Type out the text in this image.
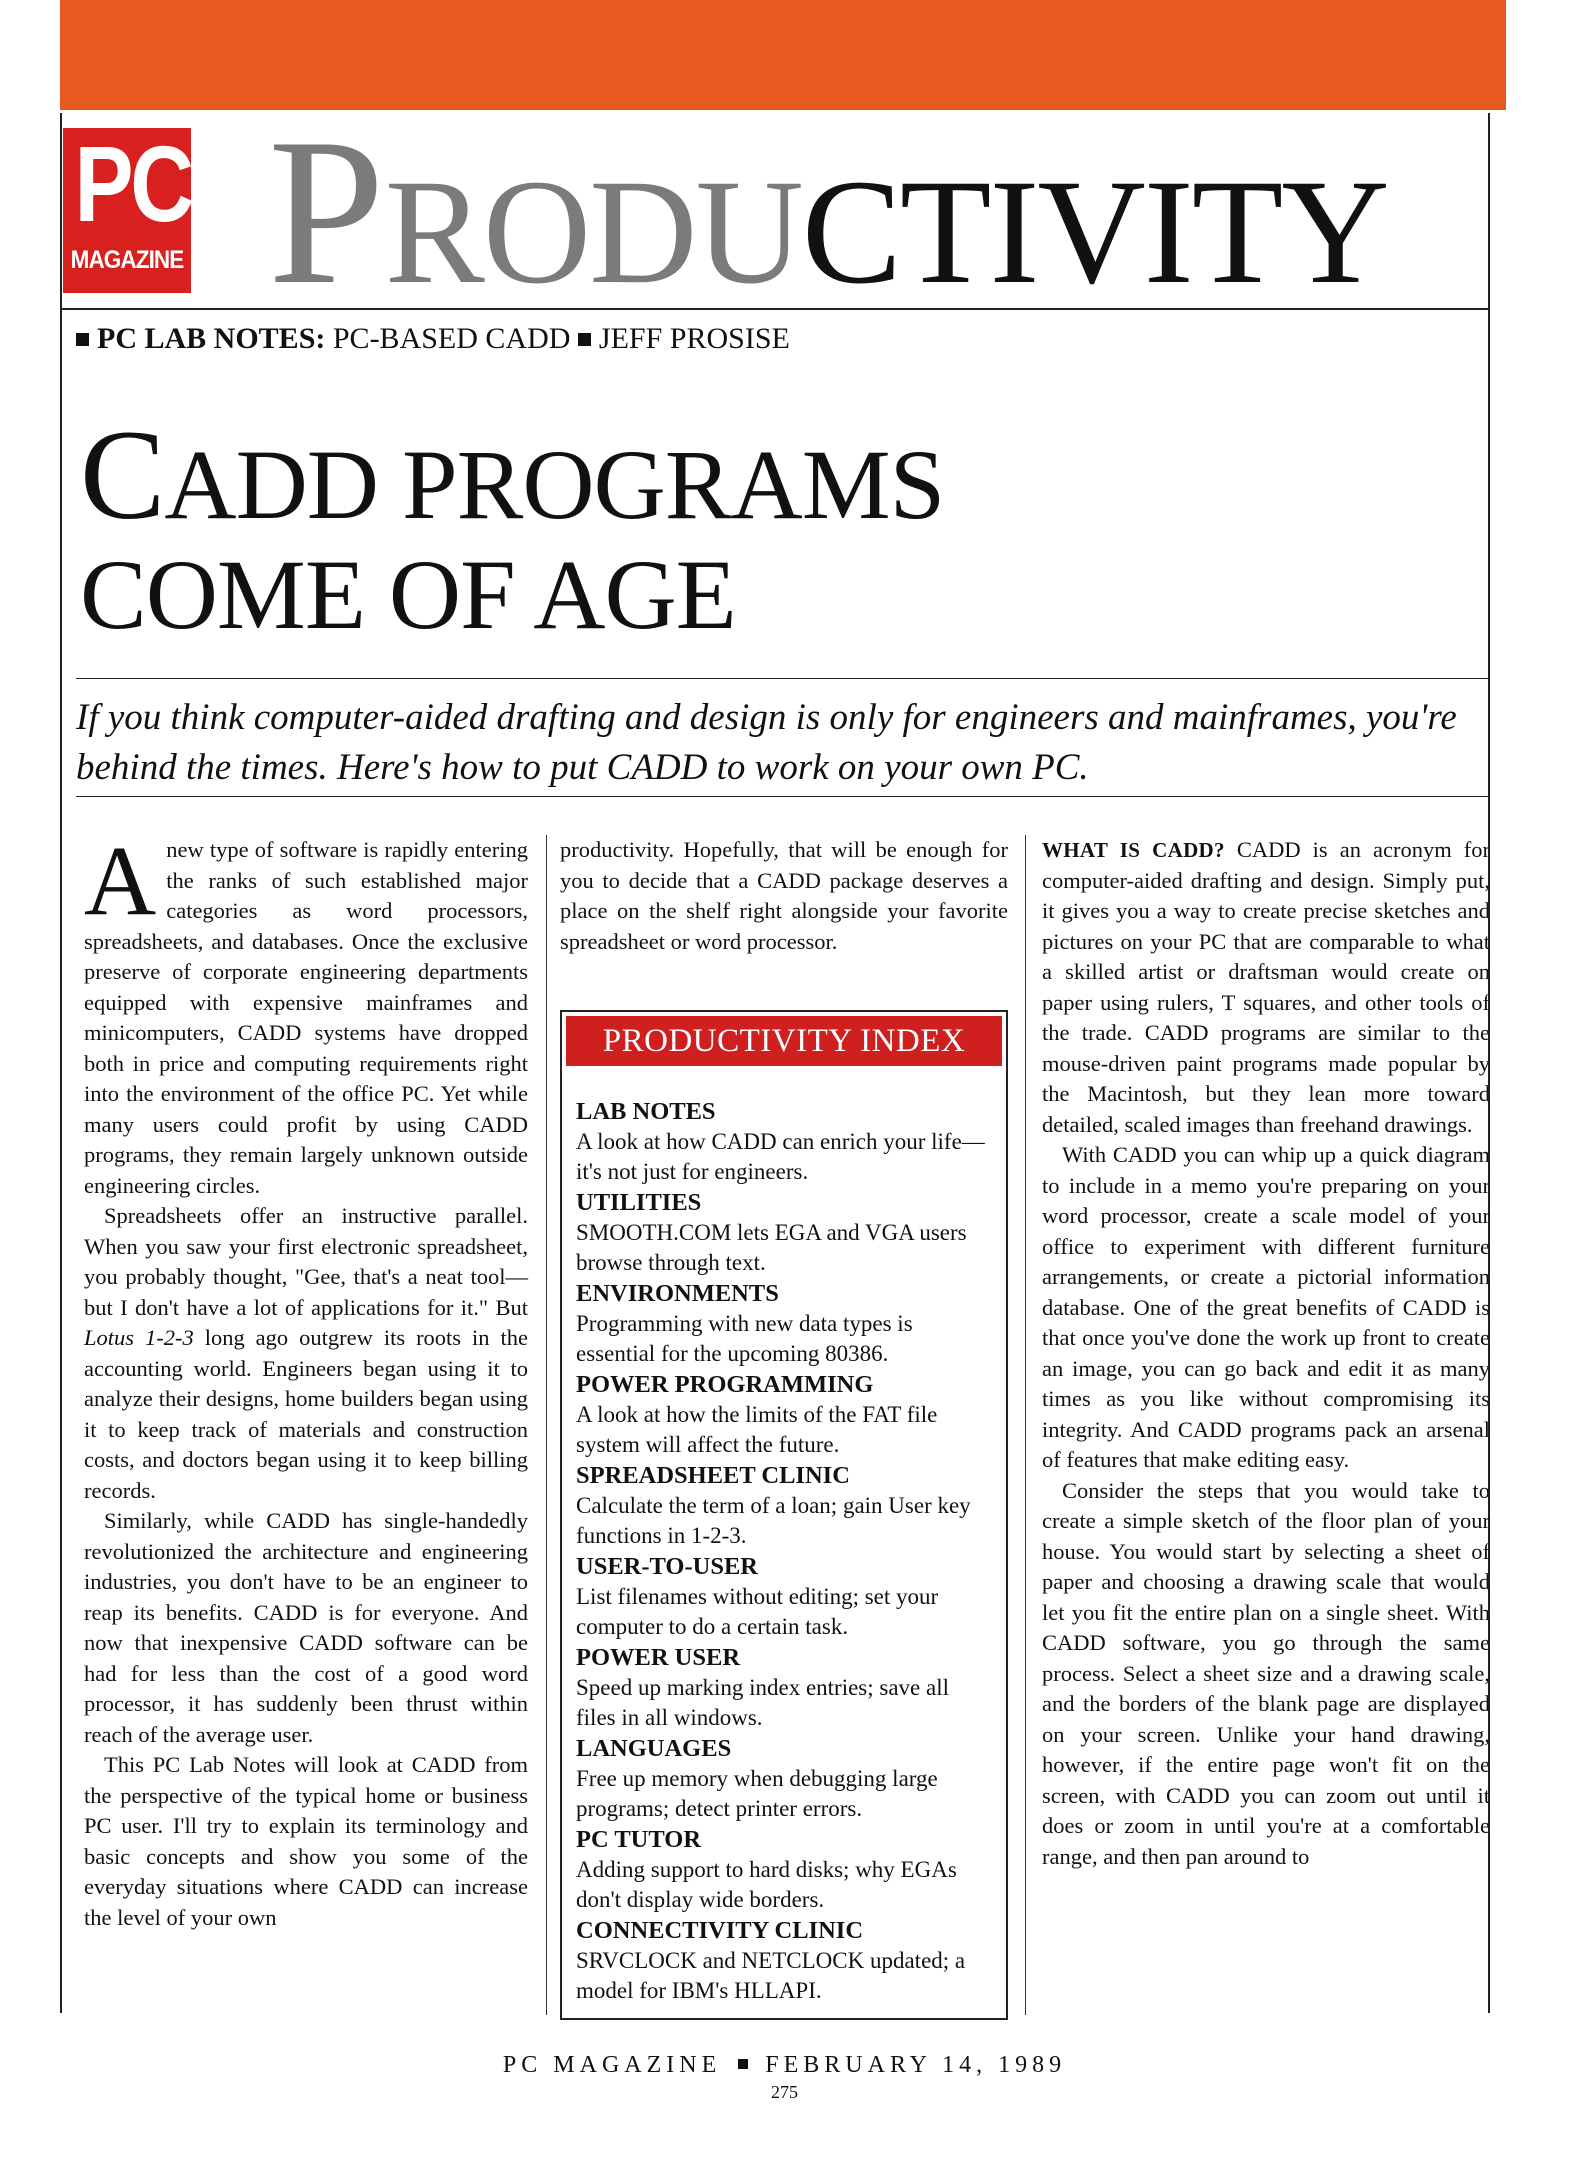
PC
MAGAZINE PRODUCTIVITY
PC LAB NOTES: PC-BASED CADD JEFF PROSISE
CADD PROGRAMS
COME OF AGE
If you think computer-aided drafting and design is only for engineers and mainframes, you're behind the times. Here's how to put CADD to work on your own PC.

Anew type of software is rapidly entering the ranks of such established major categories as word processors, spreadsheets, and databases. Once the exclusive preserve of corporate engineering departments equipped with expensive mainframes and minicomputers, CADD systems have dropped both in price and computing requirements right into the environment of the office PC. Yet while many users could profit by using CADD programs, they remain largely unknown outside engineering circles.

Spreadsheets offer an instructive parallel. When you saw your first electronic spreadsheet, you probably thought, "Gee, that's a neat tool—but I don't have a lot of applications for it." But Lotus 1-2-3 long ago outgrew its roots in the accounting world. Engineers began using it to analyze their designs, home builders began using it to keep track of materials and construction costs, and doctors began using it to keep billing records.

Similarly, while CADD has single-handedly revolutionized the architecture and engineering industries, you don't have to be an engineer to reap its benefits. CADD is for everyone. And now that inexpensive CADD software can be had for less than the cost of a good word processor, it has suddenly been thrust within reach of the average user.

This PC Lab Notes will look at CADD from the perspective of the typical home or business PC user. I'll try to explain its terminology and basic concepts and show you some of the everyday situations where CADD can increase the level of your own

productivity. Hopefully, that will be enough for you to decide that a CADD package deserves a place on the shelf right alongside your favorite spreadsheet or word processor.

PRODUCTIVITY INDEX
LAB NOTES
A look at how CADD can enrich your life—it's not just for engineers.
UTILITIES
SMOOTH.COM lets EGA and VGA users browse through text.
ENVIRONMENTS
Programming with new data types is essential for the upcoming 80386.
POWER PROGRAMMING
A look at how the limits of the FAT file system will affect the future.
SPREADSHEET CLINIC
Calculate the term of a loan; gain User key functions in 1-2-3.
USER-TO-USER
List filenames without editing; set your computer to do a certain task.
POWER USER
Speed up marking index entries; save all files in all windows.
LANGUAGES
Free up memory when debugging large programs; detect printer errors.
PC TUTOR
Adding support to hard disks; why EGAs don't display wide borders.
CONNECTIVITY CLINIC
SRVCLOCK and NETCLOCK updated; a model for IBM's HLLAPI.

WHAT IS CADD? CADD is an acronym for computer-aided drafting and design. Simply put, it gives you a way to create precise sketches and pictures on your PC that are comparable to what a skilled artist or draftsman would create on paper using rulers, T squares, and other tools of the trade. CADD programs are similar to the mouse-driven paint programs made popular by the Macintosh, but they lean more toward detailed, scaled images than freehand drawings.

With CADD you can whip up a quick diagram to include in a memo you're preparing on your word processor, create a scale model of your office to experiment with different furniture arrangements, or create a pictorial information database. One of the great benefits of CADD is that once you've done the work up front to create an image, you can go back and edit it as many times as you like without compromising its integrity. And CADD programs pack an arsenal of features that make editing easy.

Consider the steps that you would take to create a simple sketch of the floor plan of your house. You would start by selecting a sheet of paper and choosing a drawing scale that would let you fit the entire plan on a single sheet. With CADD software, you go through the same process. Select a sheet size and a drawing scale, and the borders of the blank page are displayed on your screen. Unlike your hand drawing, however, if the entire page won't fit on the screen, with CADD you can zoom out until it does or zoom in until you're at a comfortable range, and then pan around to

PC MAGAZINE FEBRUARY 14, 1989
275
